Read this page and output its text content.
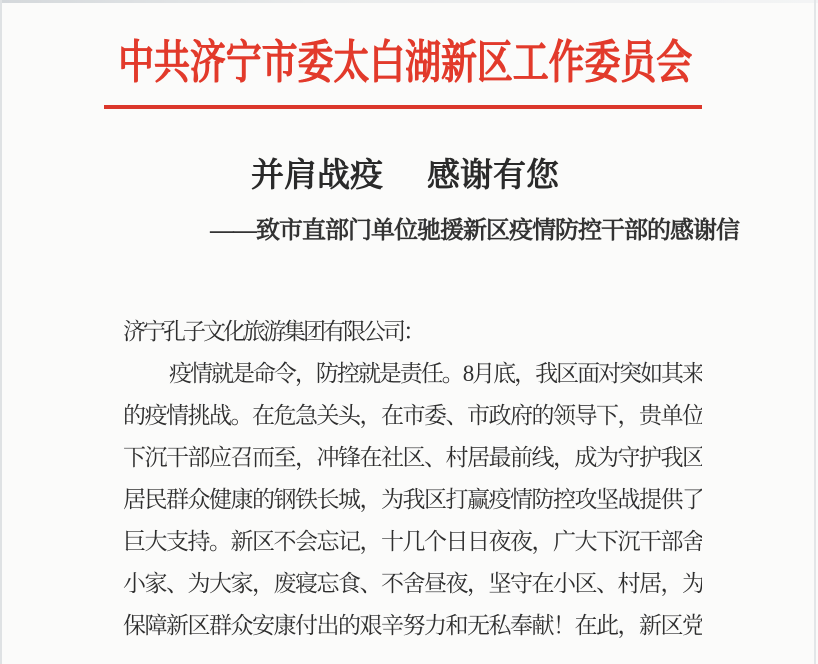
中共济宁市委太白湖新区工作委员会
并肩战疫 感谢有您
——致市直部门单位驰援新区疫情防控干部的感谢信
济宁孔子文化旅游集团有限公司：
疫情就是命令，防控就是责任。8月底，我区面对突如其来
的疫情挑战。在危急关头，在市委、市政府的领导下，贵单位
下沉干部应召而至，冲锋在社区、村居最前线，成为守护我区
居民群众健康的钢铁长城，为我区打赢疫情防控攻坚战提供了
巨大支持。新区不会忘记，十几个日日夜夜，广大下沉干部舍
小家、为大家，废寝忘食、不舍昼夜，坚守在小区、村居，为
保障新区群众安康付出的艰辛努力和无私奉献！在此，新区党
